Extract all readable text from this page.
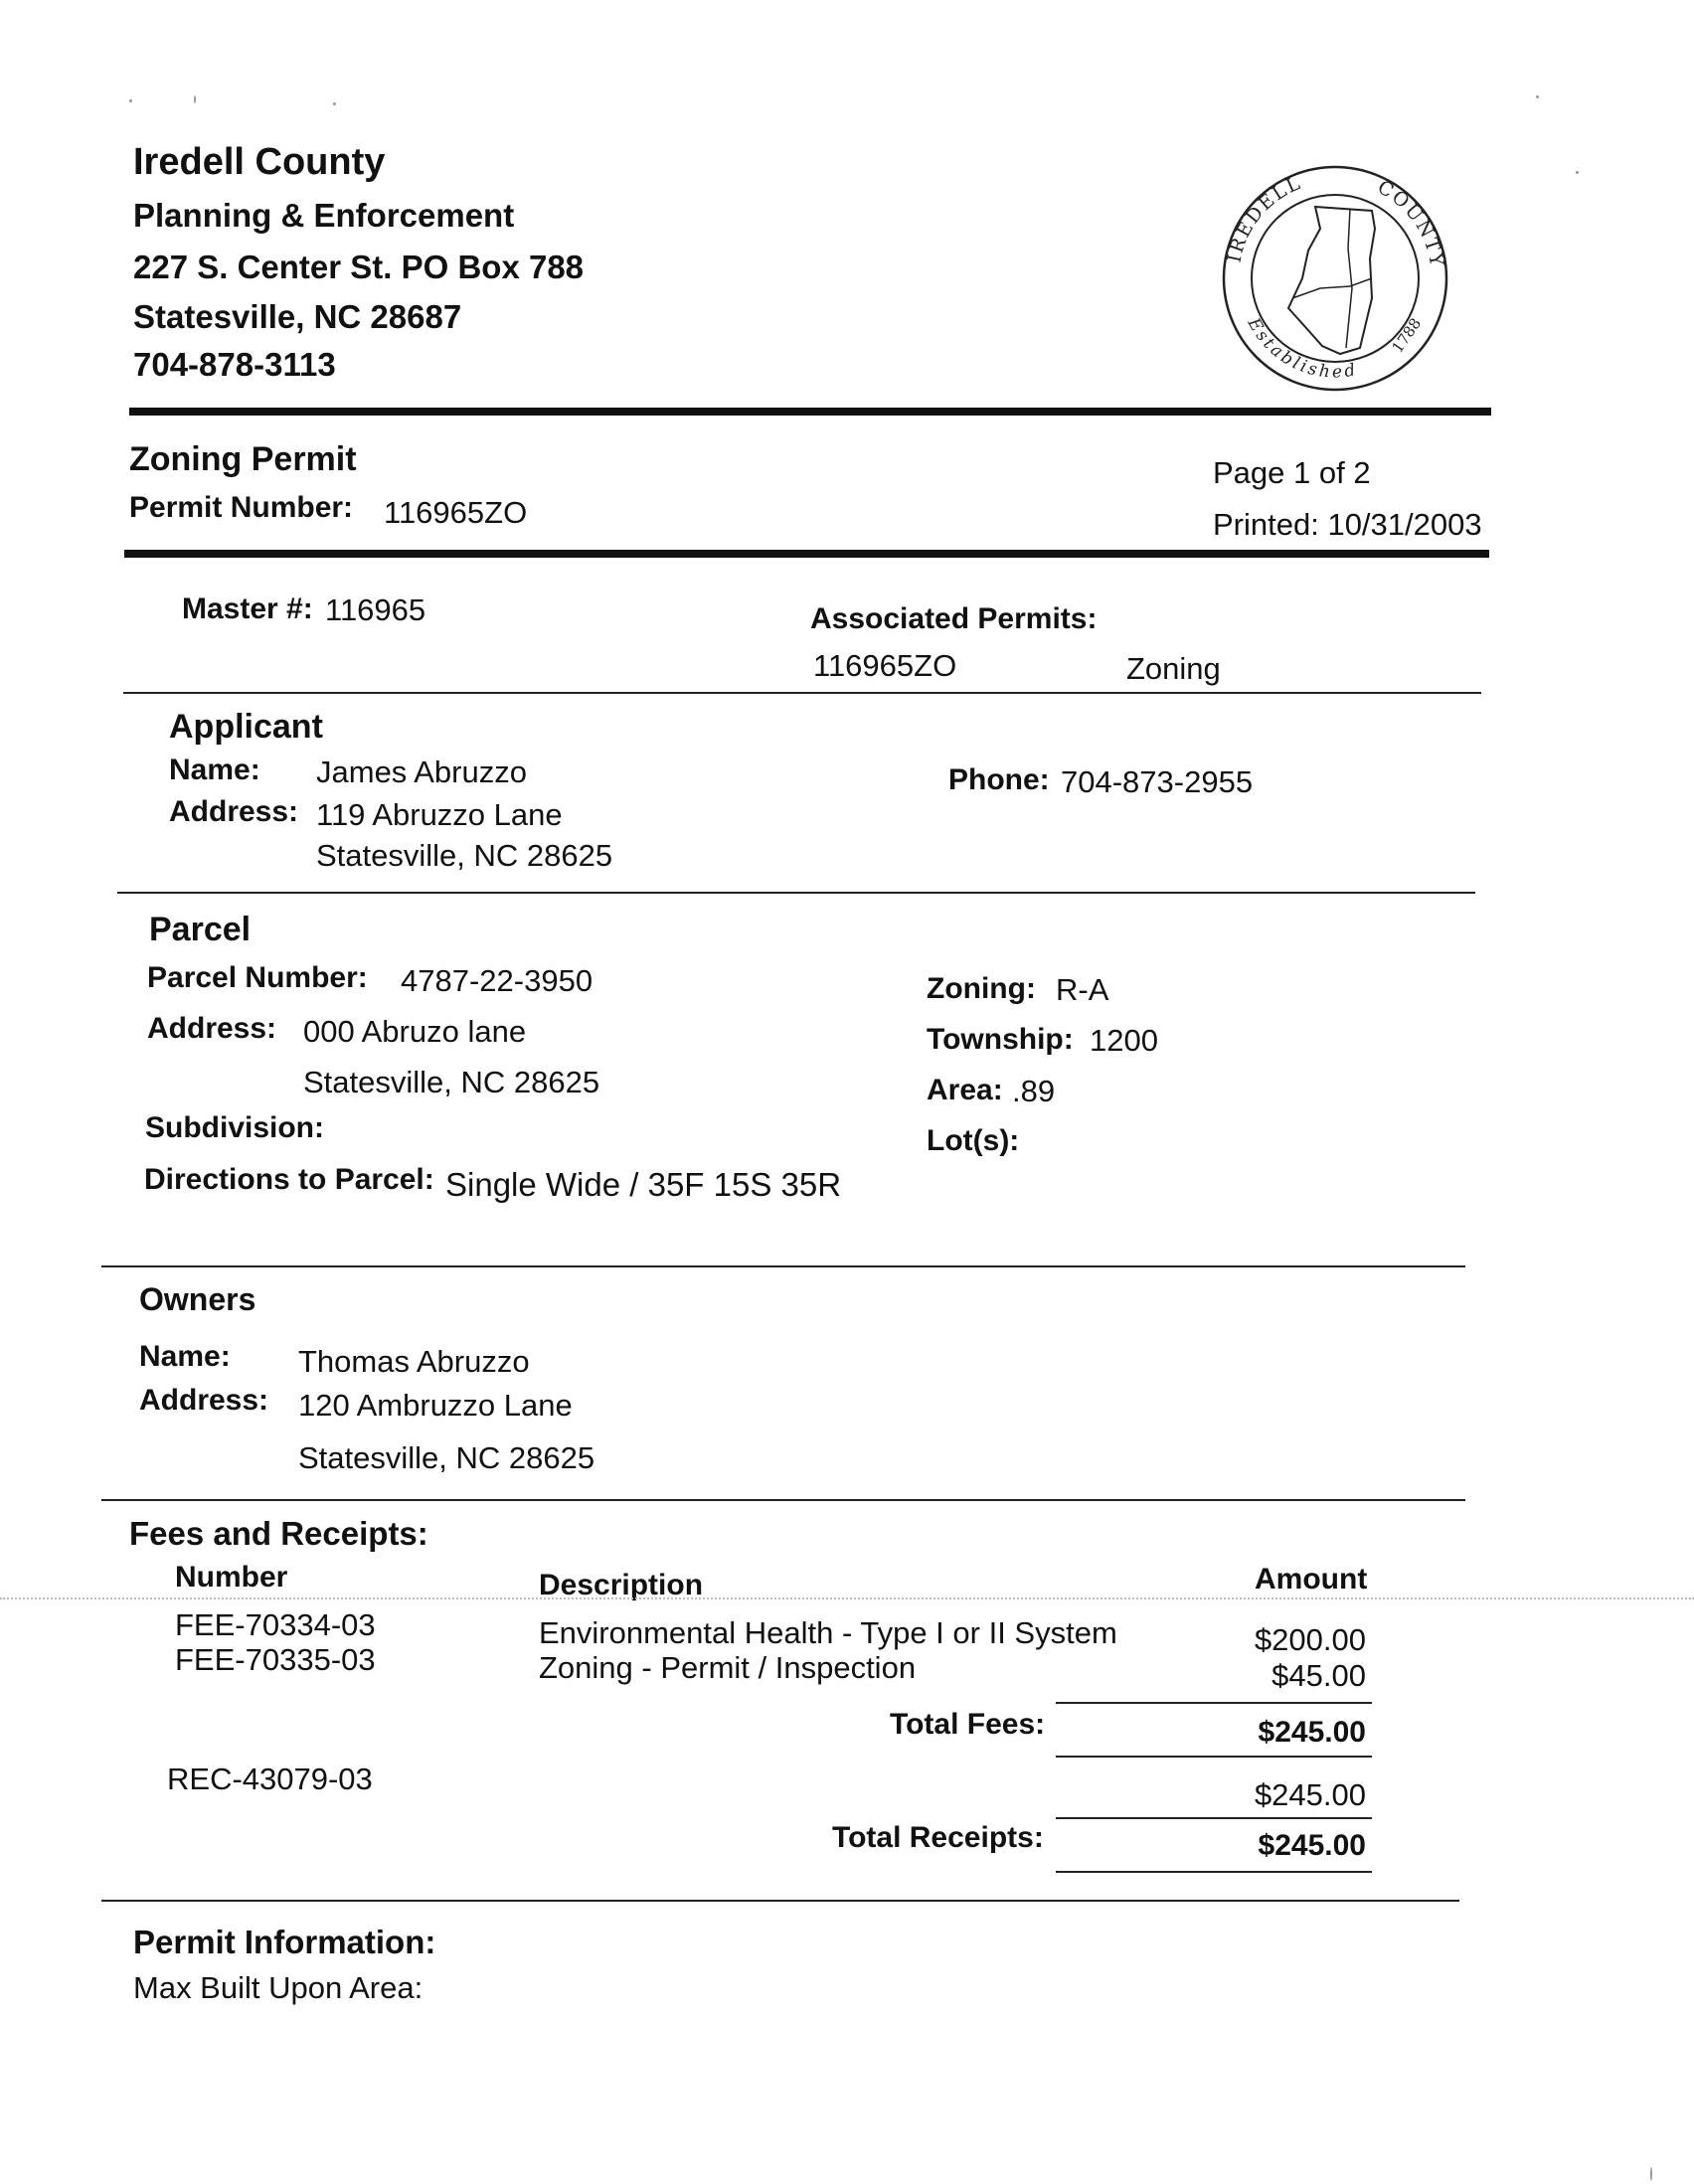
Iredell County
Planning & Enforcement
227 S. Center St. PO Box 788
Statesville, NC 28687
704-878-3113
IREDELL	COUNTY
Established
1788
Zoning Permit
Permit Number: 116965ZO
Page 1 of 2
Printed: 10/31/2003
Master #: 116965	Associated Permits:
116965ZO	Zoning
Applicant
Name: James Abruzzo
Address: 119 Abruzzo Lane
Statesville, NC 28625
Phone: 704-873-2955
Parcel
Parcel Number: 4787-22-3950
Address: 000 Abruzo lane
Statesville, NC 28625
Subdivision:
Directions to Parcel: Single Wide / 35F 15S 35R
Zoning: R-A
Township: 1200
Area: .89
Lot(s):
Owners
Name: Thomas Abruzzo
Address: 120 Ambruzzo Lane
Statesville, NC 28625
Fees and Receipts:
Number	Description	Amount
FEE-70334-03	Environmental Health - Type I or II System	$200.00
FEE-70335-03	Zoning - Permit / Inspection	$45.00
Total Fees:	$245.00
REC-43079-03	$245.00
Total Receipts:	$245.00
Permit Information:
Max Built Upon Area:
